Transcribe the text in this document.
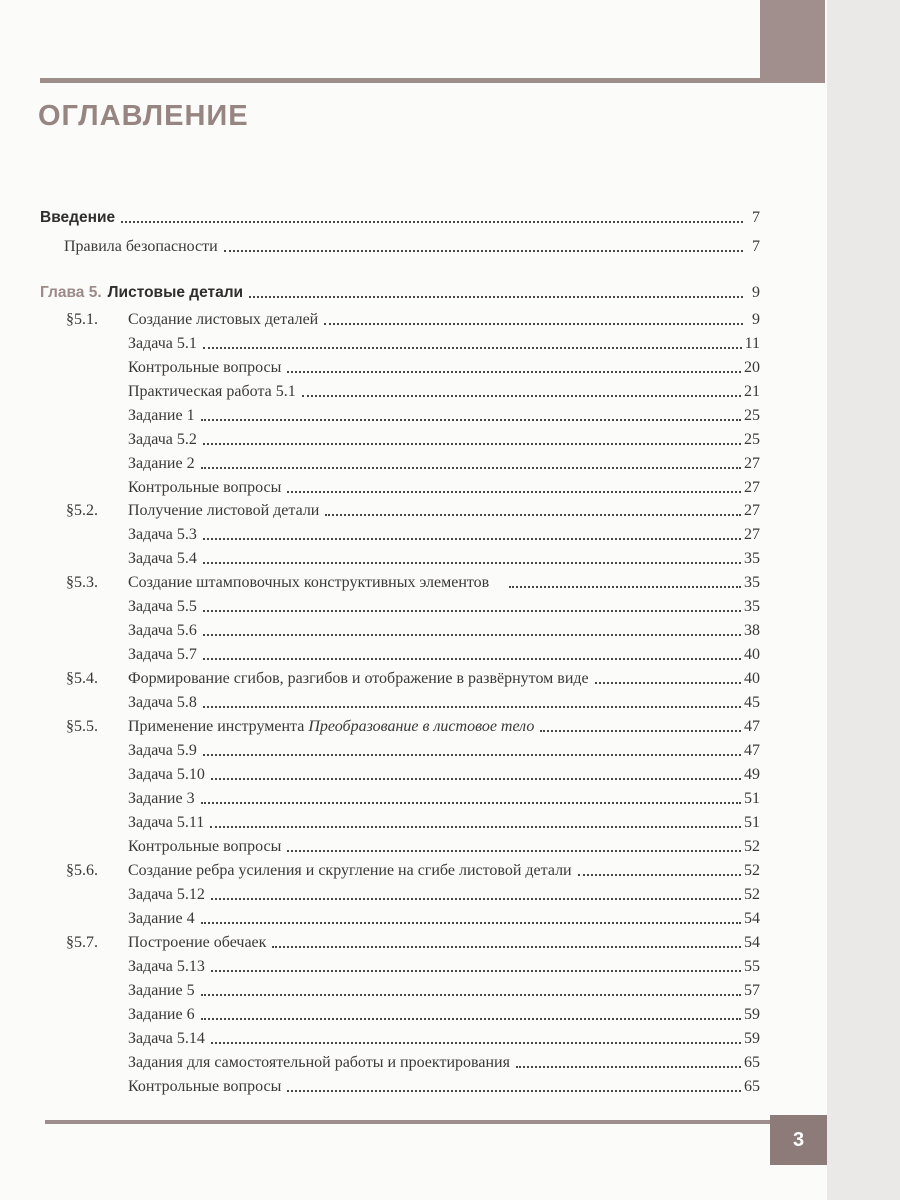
ОГЛАВЛЕНИЕ
Введение	7
Правила безопасности	7
Глава 5. Листовые детали	9
§5.1. Создание листовых деталей	9
Задача 5.1	11
Контрольные вопросы	20
Практическая работа 5.1	21
Задание 1	25
Задача 5.2	25
Задание 2	27
Контрольные вопросы	27
§5.2. Получение листовой детали	27
Задача 5.3	27
Задача 5.4	35
§5.3. Создание штамповочных конструктивных элементов	35
Задача 5.5	35
Задача 5.6	38
Задача 5.7	40
§5.4. Формирование сгибов, разгибов и отображение в развёрнутом виде	40
Задача 5.8	45
§5.5. Применение инструмента Преобразование в листовое тело	47
Задача 5.9	47
Задача 5.10	49
Задание 3	51
Задача 5.11	51
Контрольные вопросы	52
§5.6. Создание ребра усиления и скругление на сгибе листовой детали	52
Задача 5.12	52
Задание 4	54
§5.7. Построение обечаек	54
Задача 5.13	55
Задание 5	57
Задание 6	59
Задача 5.14	59
Задания для самостоятельной работы и проектирования	65
Контрольные вопросы	65
3
